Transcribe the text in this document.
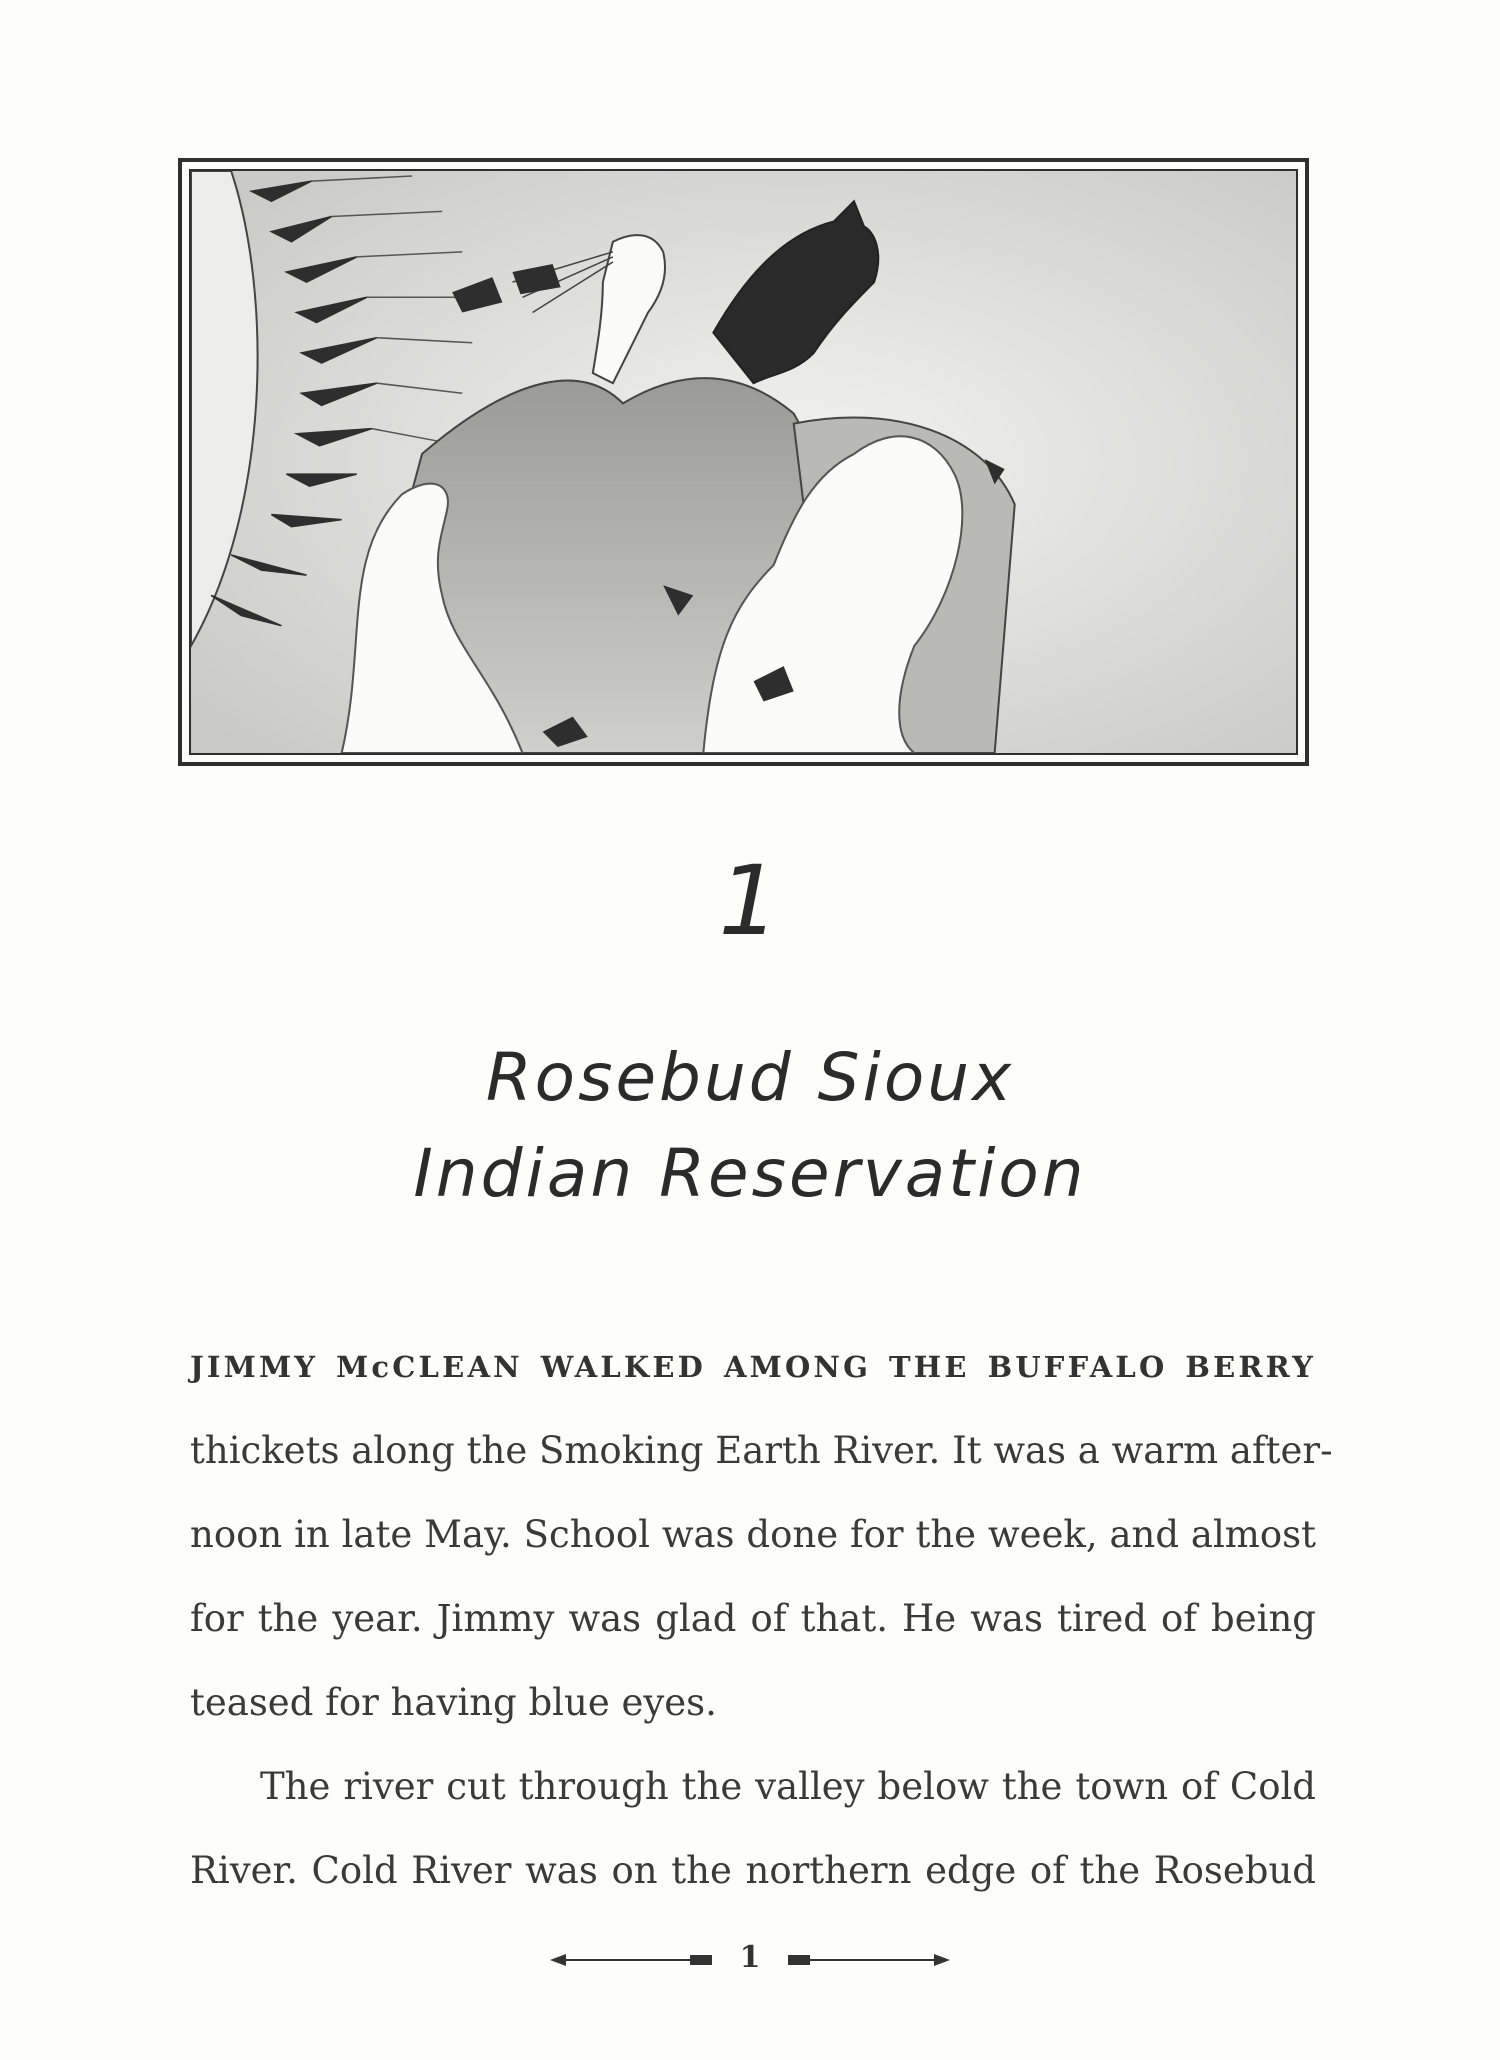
1
Rosebud Sioux
Indian Reservation
JIMMY McCLEAN WALKED AMONG THE BUFFALO BERRY
thickets along the Smoking Earth River. It was a warm after-
noon in late May. School was done for the week, and almost
for the year. Jimmy was glad of that. He was tired of being
teased for having blue eyes.
The river cut through the valley below the town of Cold
River. Cold River was on the northern edge of the Rosebud
1
